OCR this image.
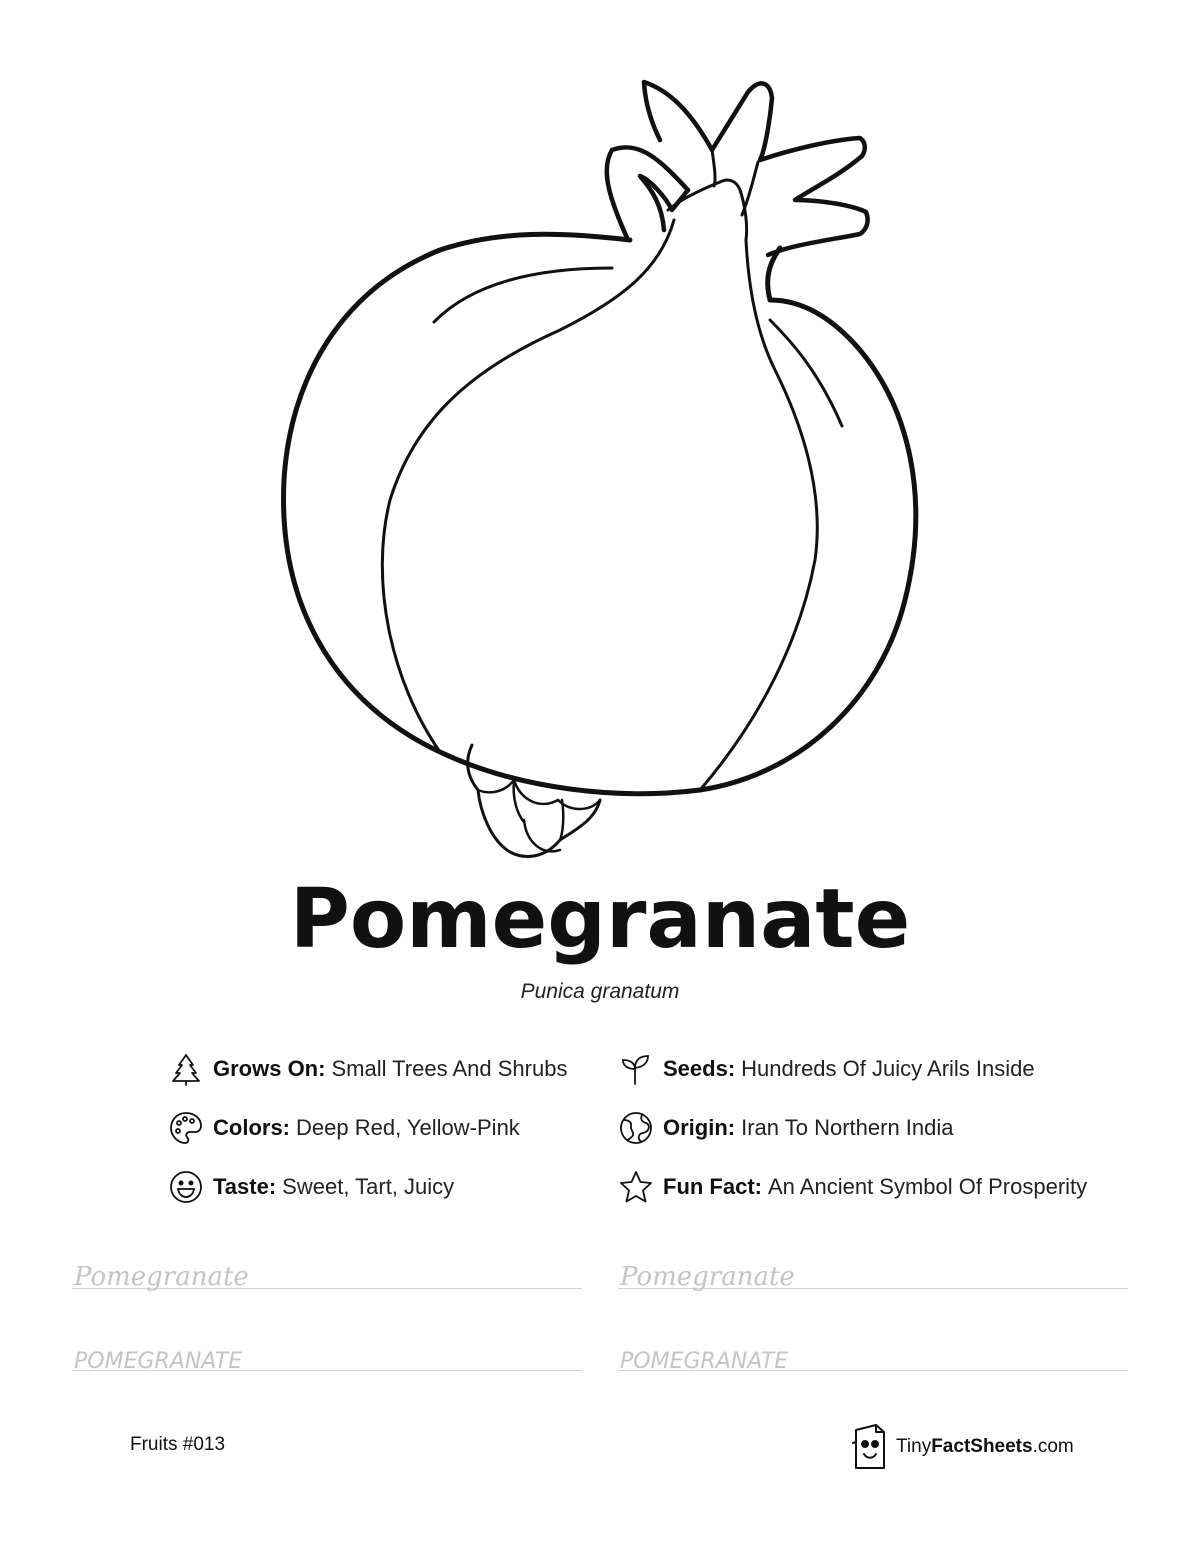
Pomegranate
Punica granatum
Grows On: Small Trees And Shrubs
Colors: Deep Red, Yellow-Pink
Taste: Sweet, Tart, Juicy
Seeds: Hundreds Of Juicy Arils Inside
Origin: Iran To Northern India
Fun Fact: An Ancient Symbol Of Prosperity
Pomegranate	Pomegranate
POMEGRANATE	POMEGRANATE
Fruits #013	TinyFactSheets.com
